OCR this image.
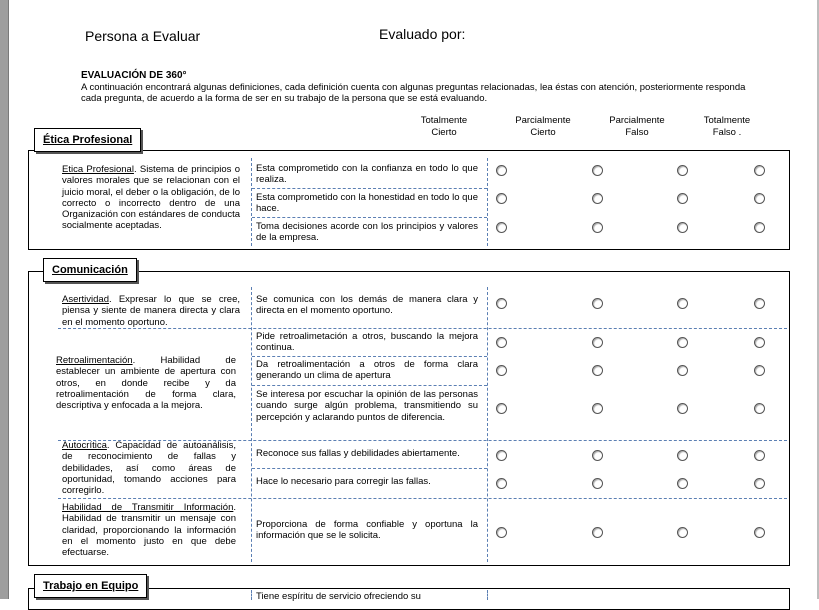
Persona a Evaluar	Evaluado por:
EVALUACIÓN DE 360°
A continuación encontrará algunas definiciones, cada definición cuenta con algunas preguntas relacionadas, lea éstas con atención, posteriormente responda cada pregunta, de acuerdo a la forma de ser en su trabajo de la persona que se está evaluando.
Totalmente
Cierto
Parcialmente
Cierto
Parcialmente
Falso
Totalmente
Falso .
Ética Profesional
Etica Profesional. Sistema de principios o valores morales que se relacionan con el juicio moral, el deber o la obligación, de lo correcto o incorrecto dentro de una Organización con estándares de conducta socialmente aceptadas.
Esta comprometido con la confianza en todo lo que realiza.
Esta comprometido con la honestidad en todo lo que hace.
Toma decisiones acorde con los principios y valores de la empresa.
Comunicación
Asertividad. Expresar lo que se cree, piensa y siente de manera directa y clara en el momento oportuno.
Retroalimentación. Habilidad de establecer un ambiente de apertura con otros, en donde recibe y da retroalimentación de forma clara, descriptiva y enfocada a la mejora.
Autocrítica. Capacidad de autoanálisis, de reconocimiento de fallas y debilidades, así como áreas de oportunidad, tomando acciones para corregirlo.
Habilidad de Transmitir Información. Habilidad de transmitir un mensaje con claridad, proporcionando la información en el momento justo en que debe efectuarse.
Se comunica con los demás de manera clara y directa en el momento oportuno.
Pide retroalimetación a otros, buscando la mejora continua.
Da retroalimentación a otros de forma clara generando un clima de apertura
Se interesa por escuchar la opinión de las personas cuando surge algún problema, transmitiendo su percepción y aclarando puntos de diferencia.
Reconoce sus fallas y debilidades abiertamente.
Hace lo necesario para corregir las fallas.
Proporciona de forma confiable y oportuna la información que se le solicita.
Trabajo en Equipo
Tiene espíritu de servicio ofreciendo su
